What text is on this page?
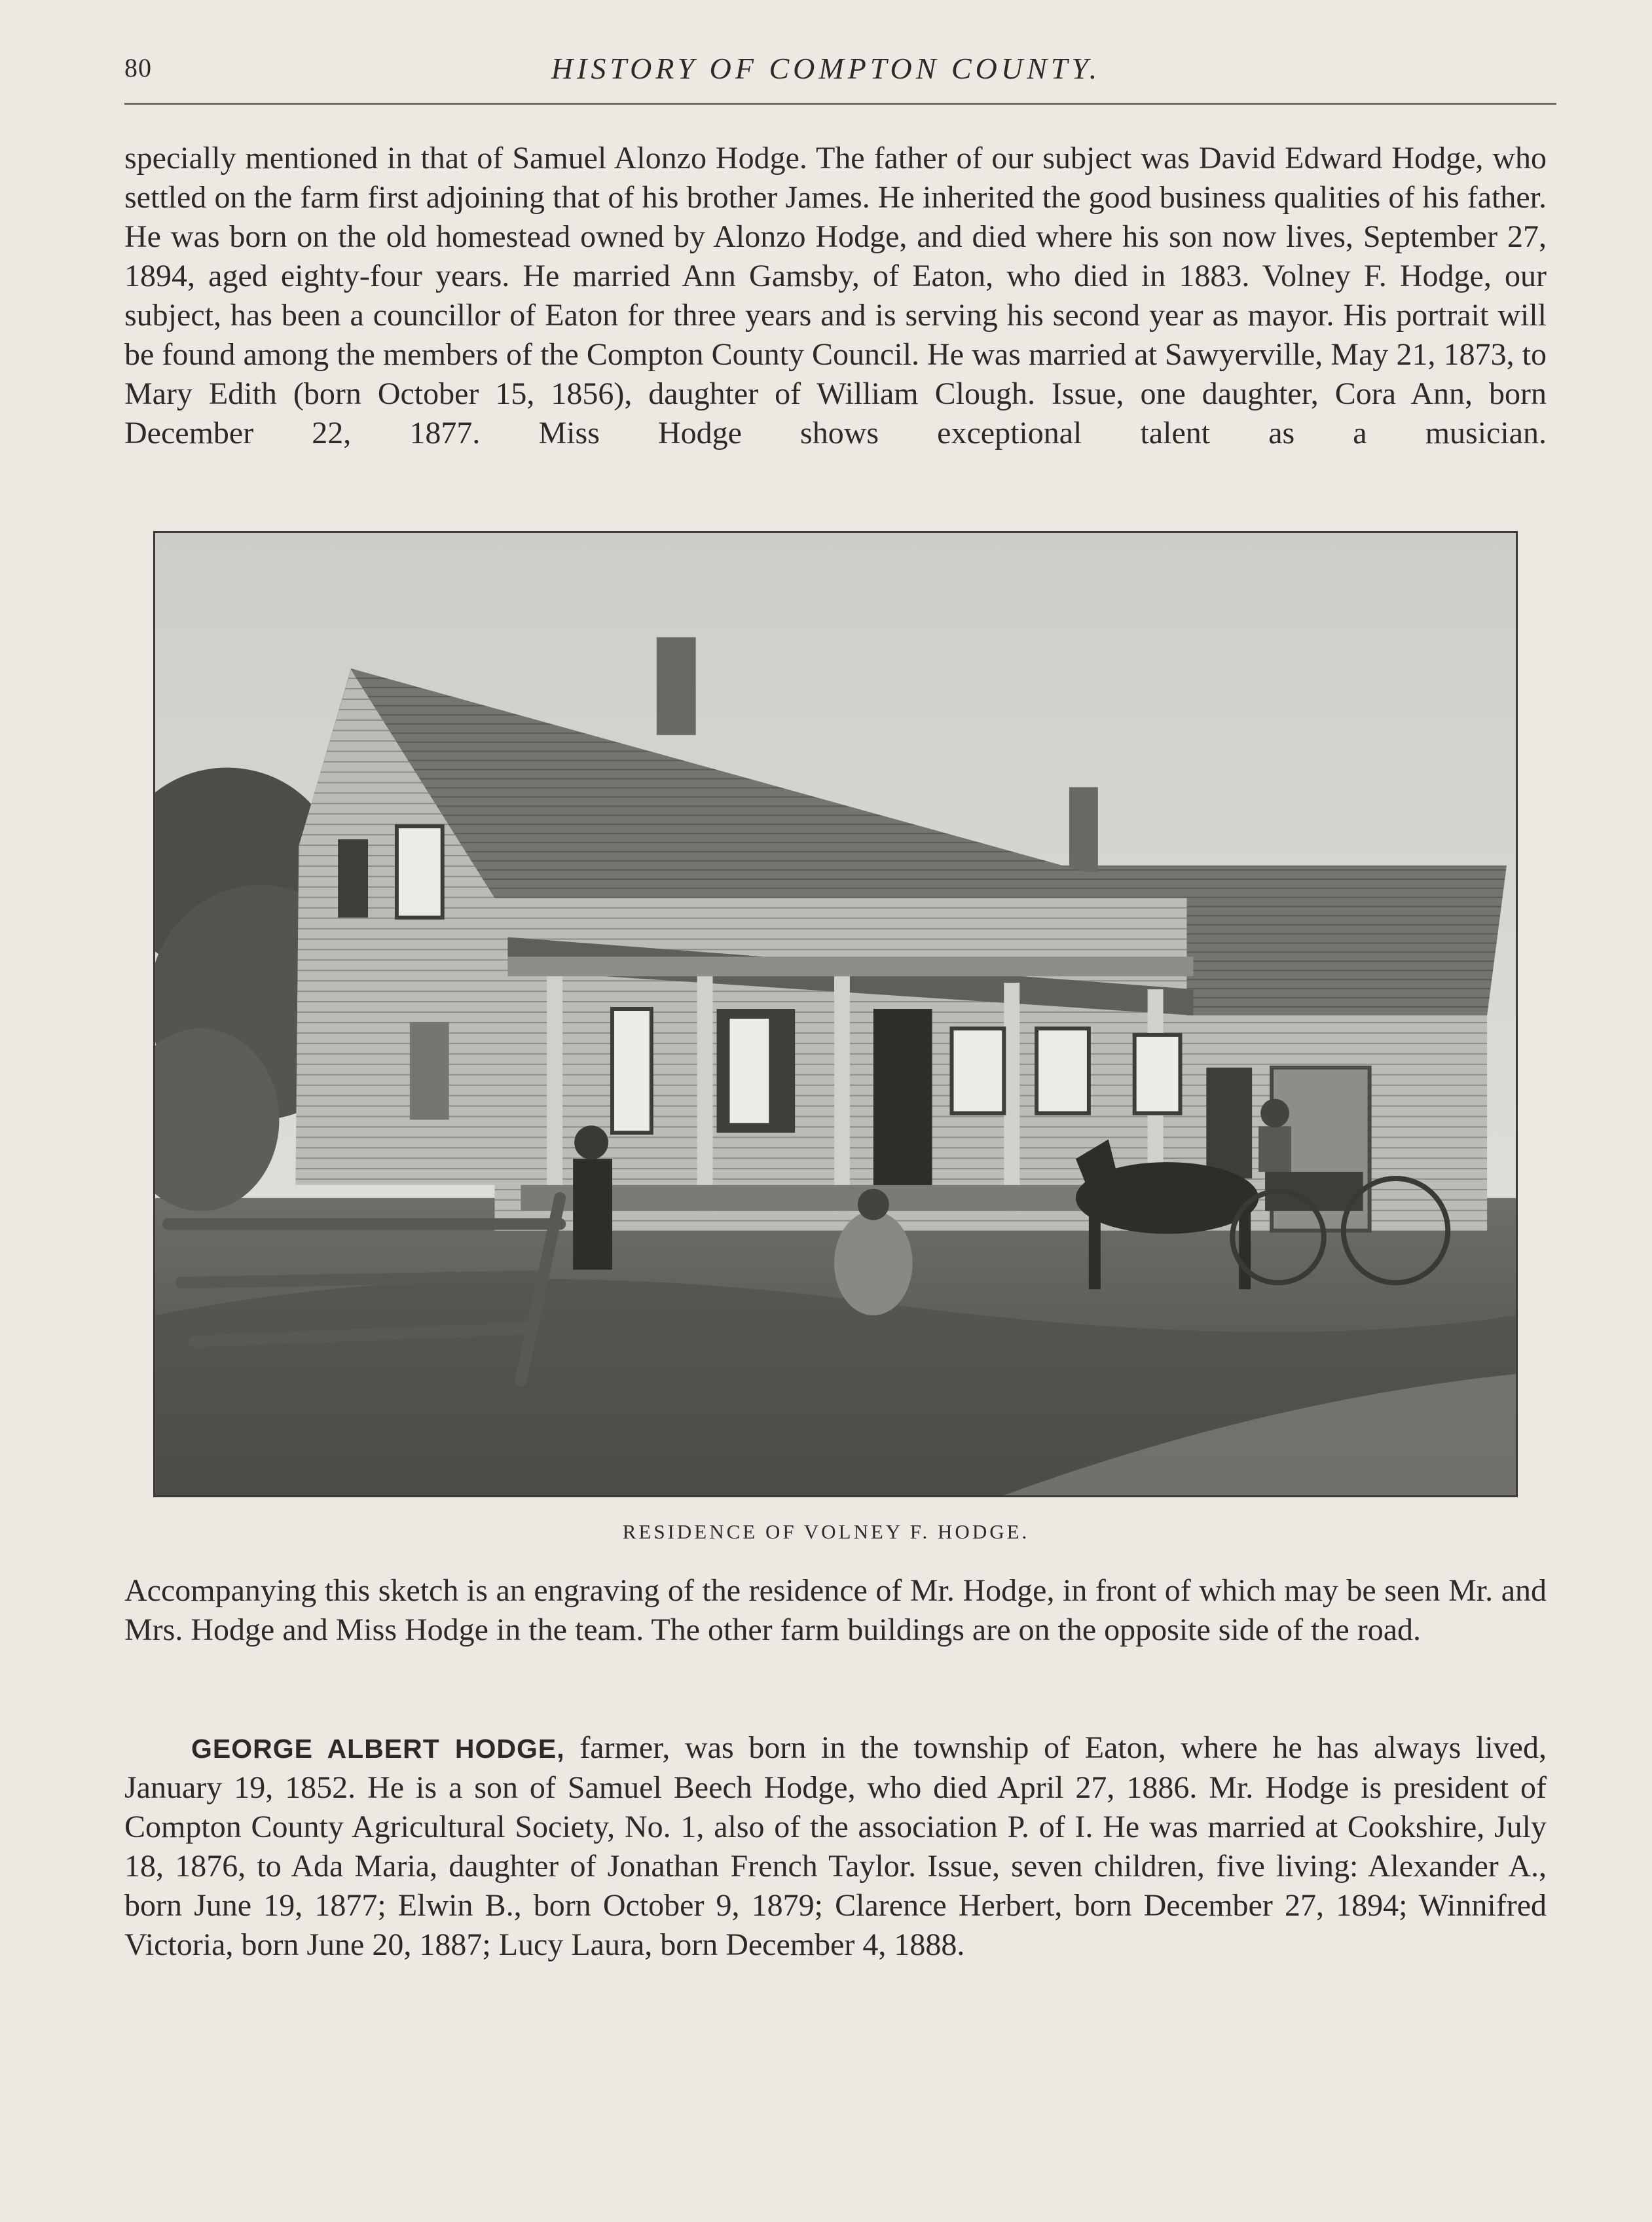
80	HISTORY OF COMPTON COUNTY.
specially mentioned in that of Samuel Alonzo Hodge. The father of our subject was David Edward Hodge, who settled on the farm first adjoining that of his brother James. He inherited the good business qualities of his father. He was born on the old homestead owned by Alonzo Hodge, and died where his son now lives, September 27, 1894, aged eighty-four years. He married Ann Gamsby, of Eaton, who died in 1883. Volney F. Hodge, our subject, has been a councillor of Eaton for three years and is serving his second year as mayor. His portrait will be found among the members of the Compton County Council. He was married at Sawyerville, May 21, 1873, to Mary Edith (born October 15, 1856), daughter of William Clough. Issue, one daughter, Cora Ann, born December 22, 1877. Miss Hodge shows exceptional talent as a musician.
RESIDENCE OF VOLNEY F. HODGE.
Accompanying this sketch is an engraving of the residence of Mr. Hodge, in front of which may be seen Mr. and Mrs. Hodge and Miss Hodge in the team. The other farm buildings are on the opposite side of the road.
GEORGE ALBERT HODGE, farmer, was born in the township of Eaton, where he has always lived, January 19, 1852. He is a son of Samuel Beech Hodge, who died April 27, 1886. Mr. Hodge is president of Compton County Agricultural Society, No. 1, also of the association P. of I. He was married at Cookshire, July 18, 1876, to Ada Maria, daughter of Jonathan French Taylor. Issue, seven children, five living: Alexander A., born June 19, 1877; Elwin B., born October 9, 1879; Clarence Herbert, born December 27, 1894; Winnifred Victoria, born June 20, 1887; Lucy Laura, born December 4, 1888.
